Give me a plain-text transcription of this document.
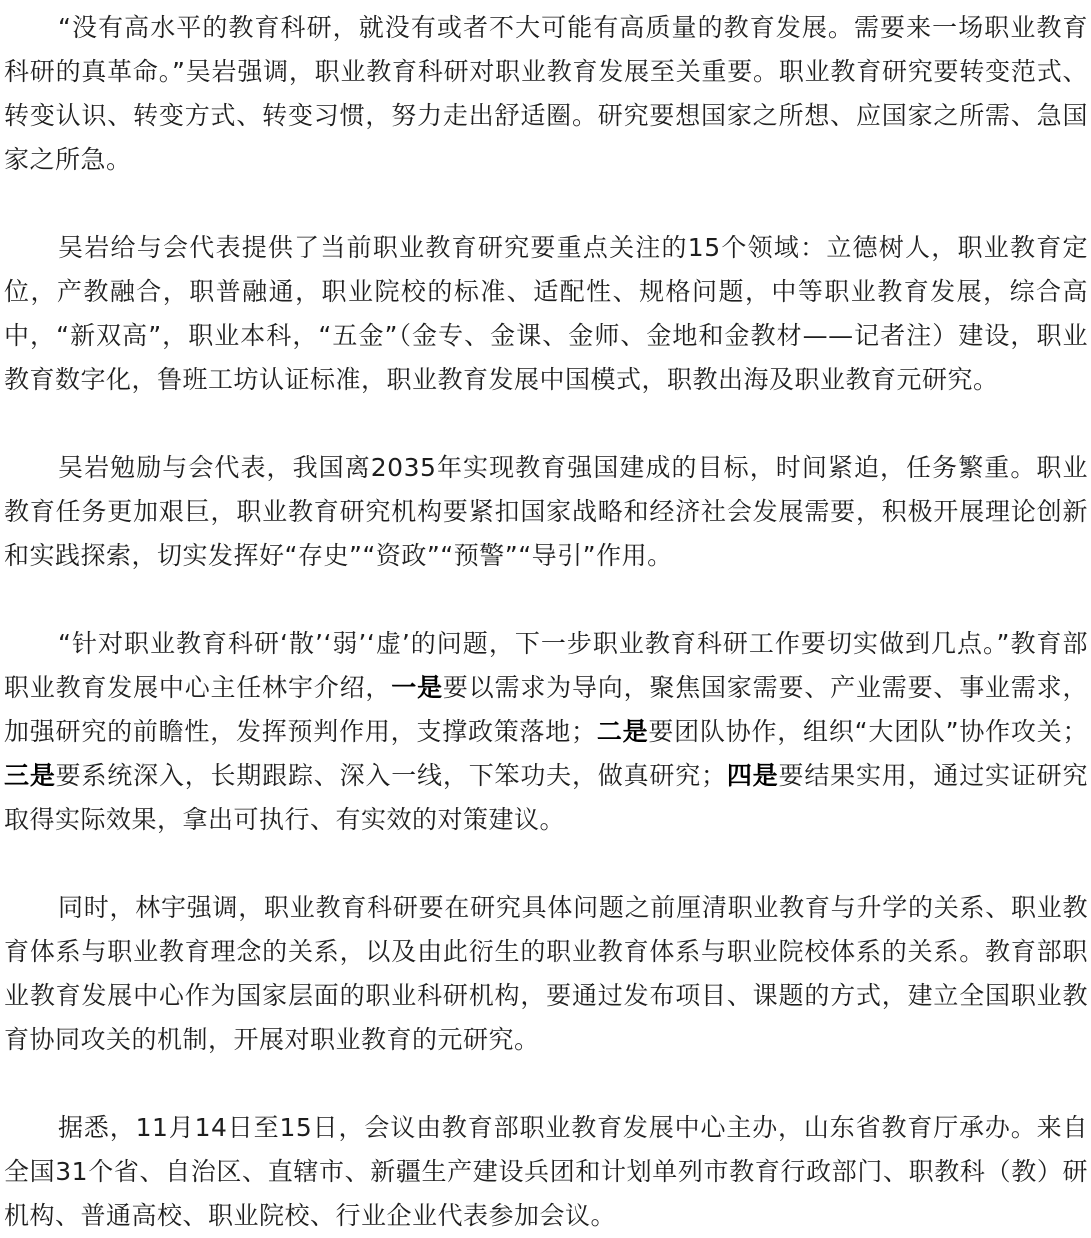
“没有高水平的教育科研，就没有或者不大可能有高质量的教育发展。需要来一场职业教育科研的真革命。”吴岩强调，职业教育科研对职业教育发展至关重要。职业教育研究要转变范式、转变认识、转变方式、转变习惯，努力走出舒适圈。研究要想国家之所想、应国家之所需、急国家之所急。

吴岩给与会代表提供了当前职业教育研究要重点关注的15个领域：立德树人，职业教育定位，产教融合，职普融通，职业院校的标准、适配性、规格问题，中等职业教育发展，综合高中，“新双高”，职业本科，“五金”（金专、金课、金师、金地和金教材——记者注）建设，职业教育数字化，鲁班工坊认证标准，职业教育发展中国模式，职教出海及职业教育元研究。

吴岩勉励与会代表，我国离2035年实现教育强国建成的目标，时间紧迫，任务繁重。职业教育任务更加艰巨，职业教育研究机构要紧扣国家战略和经济社会发展需要，积极开展理论创新和实践探索，切实发挥好“存史”“资政”“预警”“导引”作用。

“针对职业教育科研‘散’‘弱’‘虚’的问题，下一步职业教育科研工作要切实做到几点。”教育部职业教育发展中心主任林宇介绍，一是要以需求为导向，聚焦国家需要、产业需要、事业需求，加强研究的前瞻性，发挥预判作用，支撑政策落地；二是要团队协作，组织“大团队”协作攻关；三是要系统深入，长期跟踪、深入一线，下笨功夫，做真研究；四是要结果实用，通过实证研究取得实际效果，拿出可执行、有实效的对策建议。

同时，林宇强调，职业教育科研要在研究具体问题之前厘清职业教育与升学的关系、职业教育体系与职业教育理念的关系，以及由此衍生的职业教育体系与职业院校体系的关系。教育部职业教育发展中心作为国家层面的职业科研机构，要通过发布项目、课题的方式，建立全国职业教育协同攻关的机制，开展对职业教育的元研究。

据悉，11月14日至15日，会议由教育部职业教育发展中心主办，山东省教育厅承办。来自全国31个省、自治区、直辖市、新疆生产建设兵团和计划单列市教育行政部门、职教科（教）研机构、普通高校、职业院校、行业企业代表参加会议。
